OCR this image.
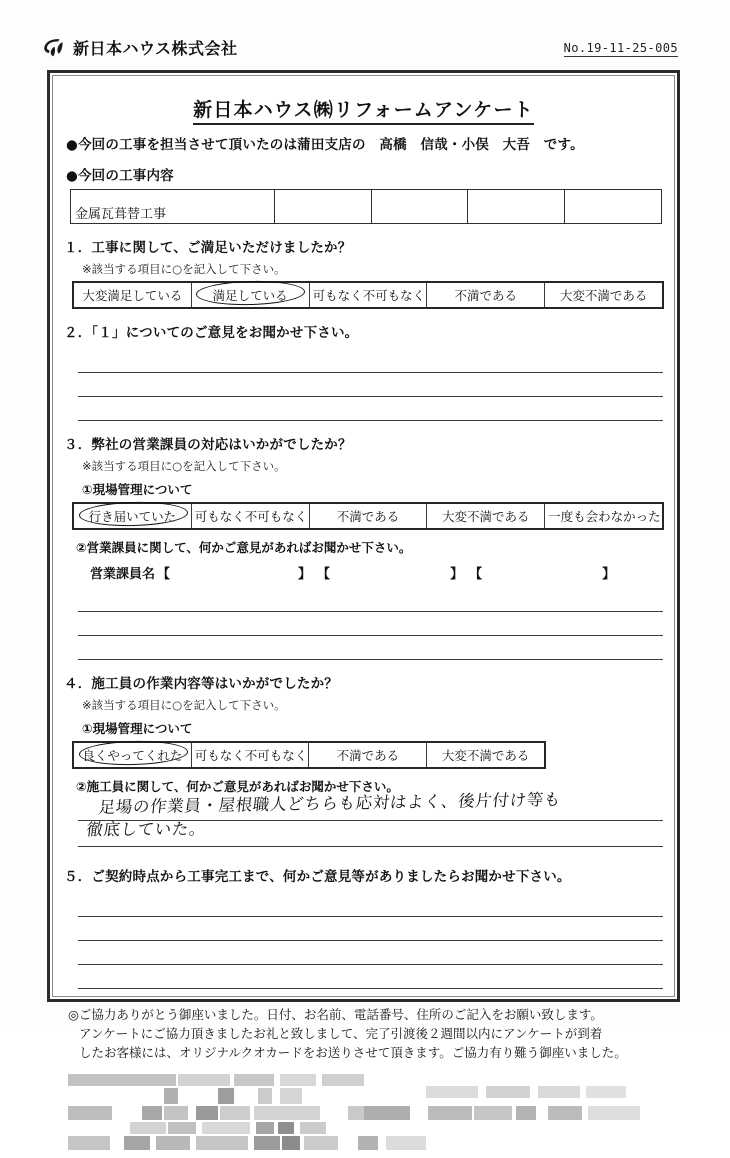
新日本ハウス株式会社	No.19-11-25-005
新日本ハウス㈱リフォームアンケート
●今回の工事を担当させて頂いたのは蒲田支店の　高橋　信哉・小俣　大吾　です。
●今回の工事内容
金属瓦葺替工事				
１．工事に関して、ご満足いただけましたか？
※該当する項目に○を記入して下さい。
大変満足している	満足している	可もなく不可もなく	不満である	大変不満である
２．「１」についてのご意見をお聞かせ下さい。
３．弊社の営業課員の対応はいかがでしたか？
※該当する項目に○を記入して下さい。
①現場管理について
行き届いていた	可もなく不可もなく	不満である	大変不満である	一度も会わなかった
②営業課員に関して、何かご意見があればお聞かせ下さい。
営業課員名 【	】 【	】 【	】
４．施工員の作業内容等はいかがでしたか？
※該当する項目に○を記入して下さい。
①現場管理について
良くやってくれた	可もなく不可もなく	不満である	大変不満である
②施工員に関して、何かご意見があればお聞かせ下さい。
足場の作業員・屋根職人どちらも応対はよく、後片付け等も
徹底していた。
５．ご契約時点から工事完工まで、何かご意見等がありましたらお聞かせ下さい。
◎ご協力ありがとう御座いました。日付、お名前、電話番号、住所のご記入をお願い致します。
アンケートにご協力頂きましたお礼と致しまして、完了引渡後２週間以内にアンケートが到着
したお客様には、オリジナルクオカードをお送りさせて頂きます。ご協力有り難う御座いました。
